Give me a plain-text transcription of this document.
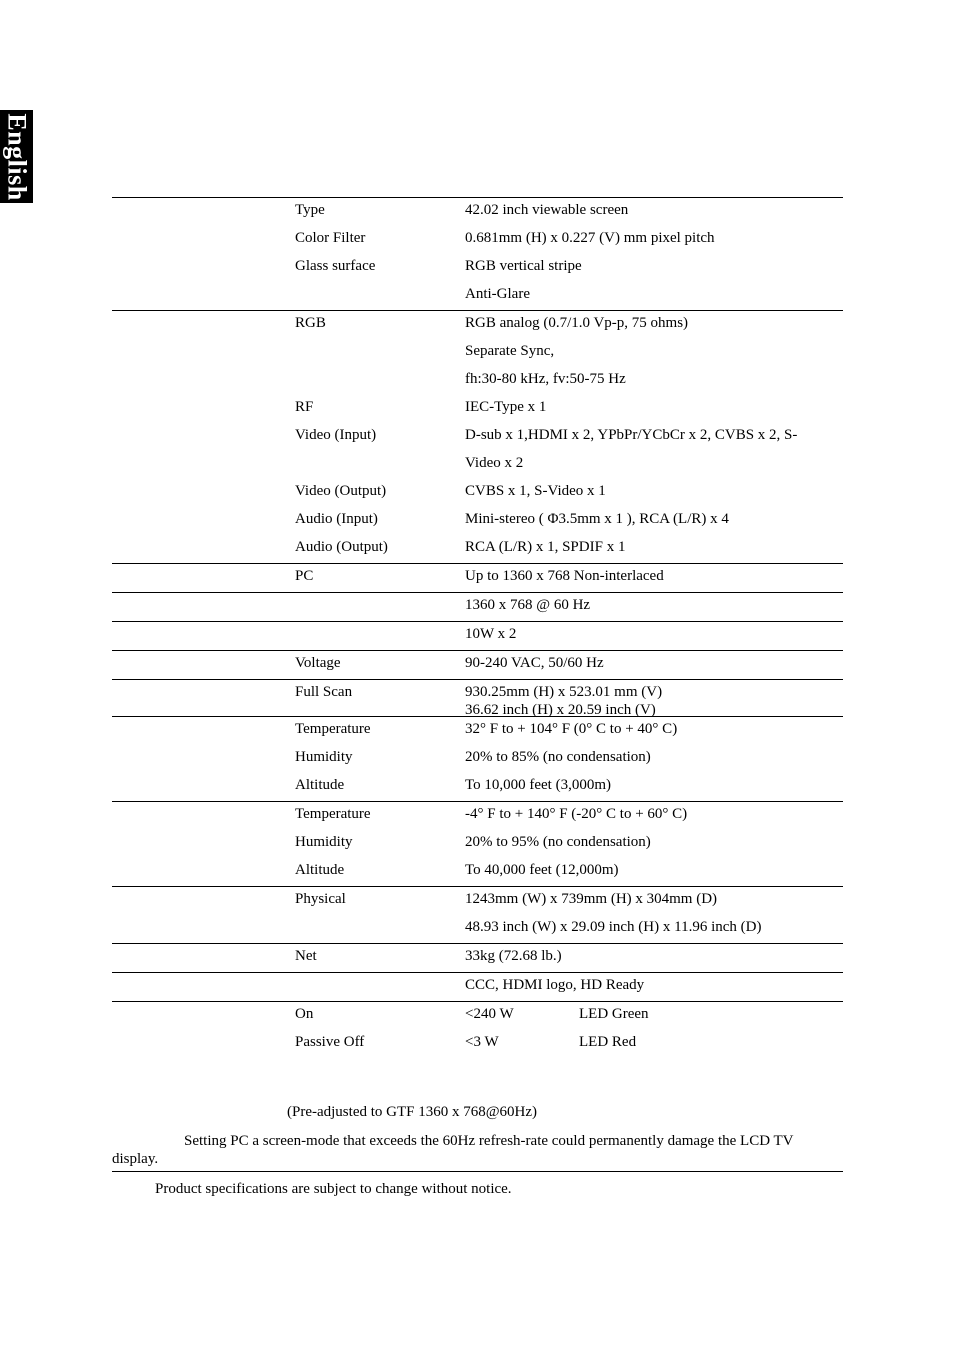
English
Type	42.02 inch viewable screen
Color Filter	0.681mm (H) x 0.227 (V) mm pixel pitch
Glass surface	RGB vertical stripe
Anti-Glare
RGB	RGB analog (0.7/1.0 Vp-p, 75 ohms)
Separate Sync,
fh:30-80 kHz, fv:50-75 Hz
RF	IEC-Type x 1
Video (Input)	D-sub x 1,HDMI x 2, YPbPr/YCbCr x 2, CVBS x 2, S-
Video x 2
Video (Output)	CVBS x 1, S-Video x 1
Audio (Input)	Mini-stereo ( Φ3.5mm x 1 ), RCA (L/R) x 4
Audio (Output)	RCA (L/R) x 1, SPDIF x 1
PC	Up to 1360 x 768 Non-interlaced
1360 x 768 @ 60 Hz
10W x 2
Voltage	90-240 VAC, 50/60 Hz
Full Scan	930.25mm (H) x 523.01 mm (V)
36.62 inch (H) x 20.59 inch (V)
Temperature	32° F to + 104° F (0° C to + 40° C)
Humidity	20% to 85% (no condensation)
Altitude	To 10,000 feet (3,000m)
Temperature	-4° F to + 140° F (-20° C to + 60° C)
Humidity	20% to 95% (no condensation)
Altitude	To 40,000 feet (12,000m)
Physical	1243mm (W) x 739mm (H) x 304mm (D)
48.93 inch (W) x 29.09 inch (H) x 11.96 inch (D)
Net	33kg (72.68 lb.)
CCC, HDMI logo, HD Ready
On	<240 W	LED Green
Passive Off	<3 W	LED Red
(Pre-adjusted to GTF 1360 x 768@60Hz)
Setting PC a screen-mode that exceeds the 60Hz refresh-rate could permanently damage the LCD TV
display.
Product specifications are subject to change without notice.
